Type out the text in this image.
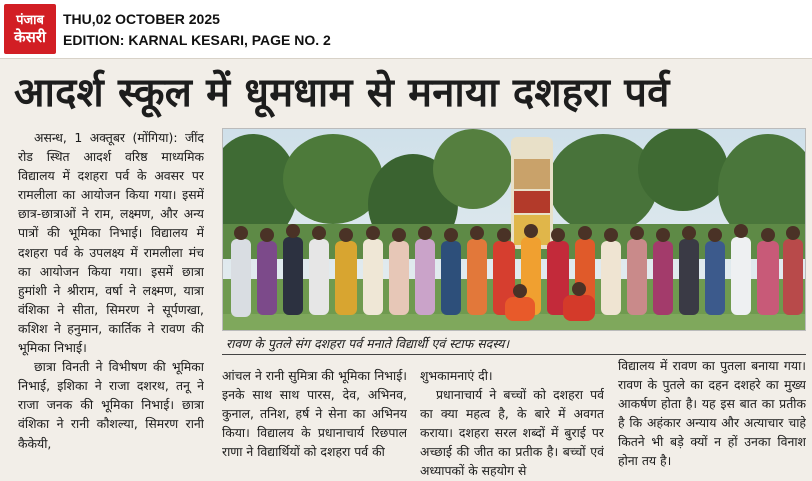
पंजाब
केसरी
THU,02 OCTOBER 2025
EDITION: KARNAL KESARI, PAGE NO. 2
आदर्श स्कूल में धूमधाम से मनाया दशहरा पर्व

असन्ध, 1 अक्तूबर (मोंगिया): जींद रोड स्थित आदर्श वरिष्ठ माध्यमिक विद्यालय में दशहरा पर्व के अवसर पर रामलीला का आयोजन किया गया। इसमें छात्र-छात्राओं ने राम, लक्ष्मण, और अन्य पात्रों की भूमिका निभाई। विद्यालय में दशहरा पर्व के उपलक्ष्य में रामलीला मंच का आयोजन किया गया। इसमें छात्रा हुमांशी ने श्रीराम, वर्षा ने लक्ष्मण, यात्रा वंशिका ने सीता, सिमरण ने सूर्पणखा, कशिश ने हनुमान, कार्तिक ने रावण की भूमिका निभाई।

छात्रा विनती ने विभीषण की भूमिका निभाई, इशिका ने राजा दशरथ, तनू ने राजा जनक की भूमिका निभाई। छात्रा वंशिका ने रानी कौशल्या, सिमरण रानी कैकेयी,

रावण के पुतले संग दशहरा पर्व मनाते विद्यार्थी एवं स्टाफ सदस्य।

आंचल ने रानी सुमित्रा की भूमिका निभाई। इनके साथ साथ पारस, देव, अभिनव, कुनाल, तनिश, हर्ष ने सेना का अभिनय किया। विद्यालय के प्रधानाचार्य रिछपाल राणा ने विद्यार्थियों को दशहरा पर्व की

शुभकामनाएं दी।

प्रधानाचार्य ने बच्चों को दशहरा पर्व का क्या महत्व है, के बारे में अवगत कराया। दशहरा सरल शब्दों में बुराई पर अच्छाई की जीत का प्रतीक है। बच्चों एवं अध्यापकों के सहयोग से

विद्यालय में रावण का पुतला बनाया गया। रावण के पुतले का दहन दशहरे का मुख्य आकर्षण होता है। यह इस बात का प्रतीक है कि अहंकार अन्याय और अत्याचार चाहे कितने भी बड़े क्यों न हों उनका विनाश होना तय है।
